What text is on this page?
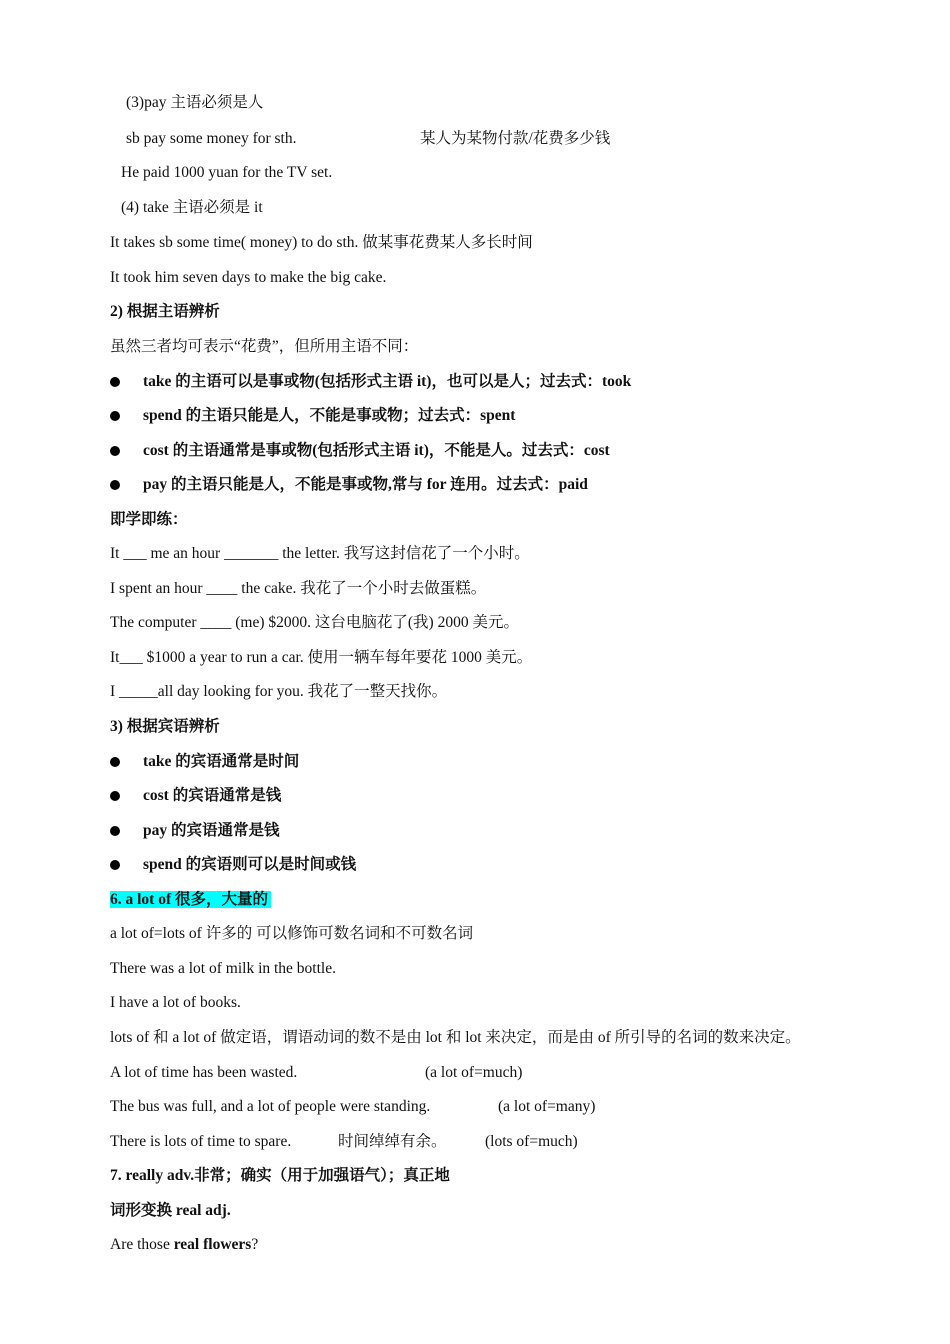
(3)pay 主语必须是人
sb pay some money for sth.	某人为某物付款/花费多少钱
He paid 1000 yuan for the TV set.
(4) take 主语必须是 it
It takes sb some time( money) to do sth. 做某事花费某人多长时间
It took him seven days to make the big cake.
2) 根据主语辨析
虽然三者均可表示“花费”，但所用主语不同：
take 的主语可以是事或物(包括形式主语 it)，也可以是人；过去式：took
spend 的主语只能是人，不能是事或物；过去式：spent
cost 的主语通常是事或物(包括形式主语 it)，不能是人。过去式：cost
pay 的主语只能是人，不能是事或物,常与 for 连用。过去式：paid
即学即练：
It ___ me an hour _______ the letter. 我写这封信花了一个小时。
I spent an hour ____ the cake. 我花了一个小时去做蛋糕。
The computer ____ (me) $2000. 这台电脑花了(我) 2000 美元。
It___ $1000 a year to run a car. 使用一辆车每年要花 1000 美元。
I _____all day looking for you. 我花了一整天找你。
3) 根据宾语辨析
take 的宾语通常是时间
cost 的宾语通常是钱
pay 的宾语通常是钱
spend 的宾语则可以是时间或钱
6. a lot of 很多，大量的
a lot of=lots of 许多的 可以修饰可数名词和不可数名词
There was a lot of milk in the bottle.
I have a lot of books.
lots of 和 a lot of 做定语，谓语动词的数不是由 lot 和 lot 来决定，而是由 of 所引导的名词的数来决定。
A lot of time has been wasted.	(a lot of=much)
The bus was full, and a lot of people were standing.	(a lot of=many)
There is lots of time to spare.	时间绰绰有余。 (lots of=much)
7. really adv.非常；确实（用于加强语气）；真正地
词形变换 real adj.
Are those real flowers?
